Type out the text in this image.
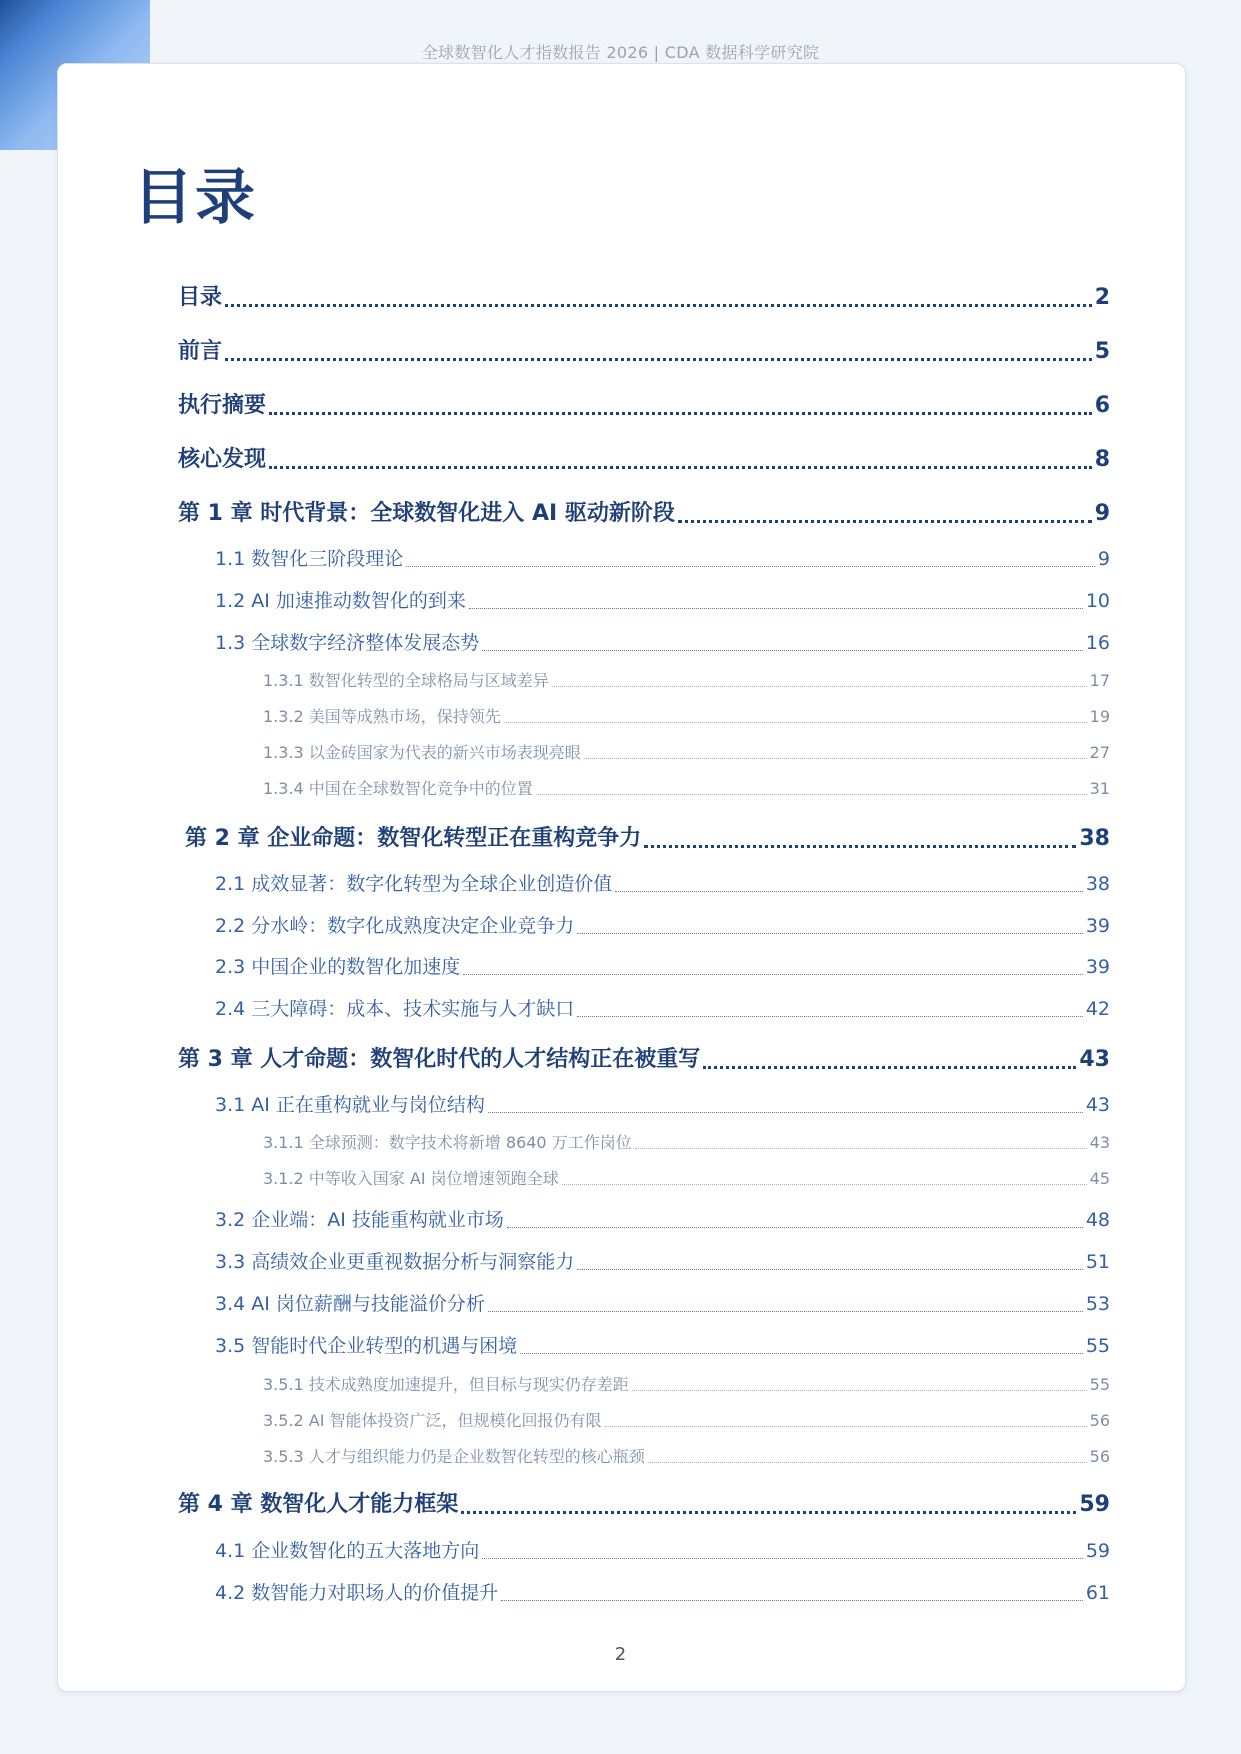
全球数智化人才指数报告 2026 | CDA 数据科学研究院
目录
目录	2
前言	5
执行摘要	6
核心发现	8
第 1 章 时代背景：全球数智化进入 AI 驱动新阶段	9
1.1 数智化三阶段理论	9
1.2 AI 加速推动数智化的到来	10
1.3 全球数字经济整体发展态势	16
1.3.1 数智化转型的全球格局与区域差异	17
1.3.2 美国等成熟市场，保持领先	19
1.3.3 以金砖国家为代表的新兴市场表现亮眼	27
1.3.4 中国在全球数智化竞争中的位置	31
第 2 章 企业命题：数智化转型正在重构竞争力	38
2.1 成效显著：数字化转型为全球企业创造价值	38
2.2 分水岭：数字化成熟度决定企业竞争力	39
2.3 中国企业的数智化加速度	39
2.4 三大障碍：成本、技术实施与人才缺口	42
第 3 章 人才命题：数智化时代的人才结构正在被重写	43
3.1 AI 正在重构就业与岗位结构	43
3.1.1 全球预测：数字技术将新增 8640 万工作岗位	43
3.1.2 中等收入国家 AI 岗位增速领跑全球	45
3.2 企业端：AI 技能重构就业市场	48
3.3 高绩效企业更重视数据分析与洞察能力	51
3.4 AI 岗位薪酬与技能溢价分析	53
3.5 智能时代企业转型的机遇与困境	55
3.5.1 技术成熟度加速提升，但目标与现实仍存差距	55
3.5.2 AI 智能体投资广泛，但规模化回报仍有限	56
3.5.3 人才与组织能力仍是企业数智化转型的核心瓶颈	56
第 4 章 数智化人才能力框架	59
4.1 企业数智化的五大落地方向	59
4.2 数智能力对职场人的价值提升	61
2
